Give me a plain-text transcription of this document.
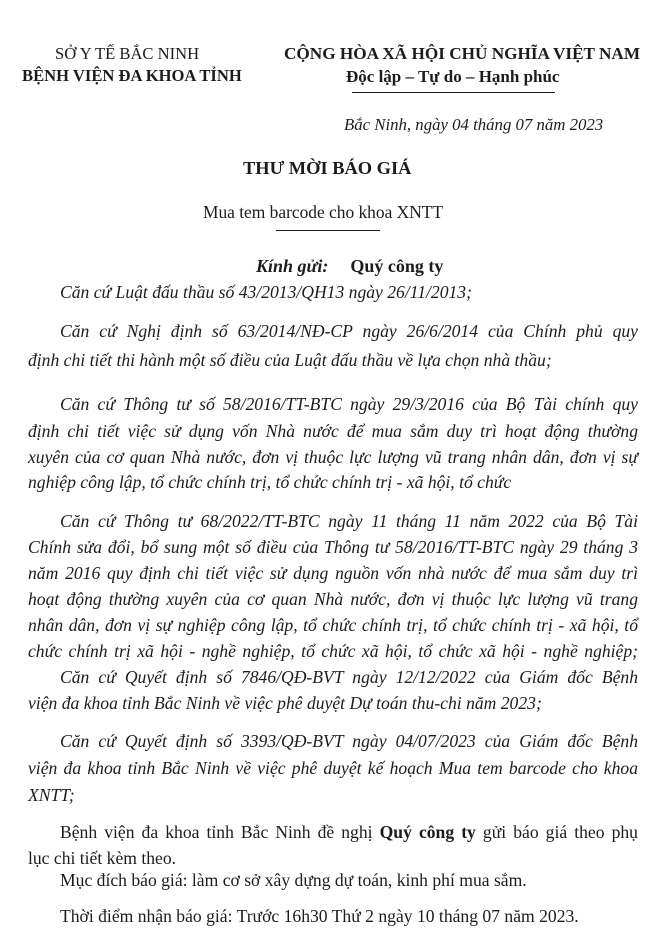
SỞ Y TẾ BẮC NINH
BỆNH VIỆN ĐA KHOA TỈNH
CỘNG HÒA XÃ HỘI CHỦ NGHĨA VIỆT NAM
Độc lập – Tự do – Hạnh phúc
Bắc Ninh, ngày 04 tháng 07 năm 2023
THƯ MỜI BÁO GIÁ
Mua tem barcode cho khoa XNTT
Kính gửi: Quý công ty
Căn cứ Luật đấu thầu số 43/2013/QH13 ngày 26/11/2013;
Căn cứ Nghị định số 63/2014/NĐ-CP ngày 26/6/2014 của Chính phủ quy
định chi tiết thi hành một số điều của Luật đấu thầu về lựa chọn nhà thầu;
Căn cứ Thông tư số 58/2016/TT-BTC ngày 29/3/2016 của Bộ Tài chính quy
định chi tiết việc sử dụng vốn Nhà nước để mua sắm duy trì hoạt động thường
xuyên của cơ quan Nhà nước, đơn vị thuộc lực lượng vũ trang nhân dân, đơn vị sự
nghiệp công lập, tổ chức chính trị, tổ chức chính trị - xã hội, tổ chức
Căn cứ Thông tư 68/2022/TT-BTC ngày 11 tháng 11 năm 2022 của Bộ Tài
Chính sửa đổi, bổ sung một số điều của Thông tư 58/2016/TT-BTC ngày 29 tháng 3
năm 2016 quy định chi tiết việc sử dụng nguồn vốn nhà nước để mua sắm duy trì
hoạt động thường xuyên của cơ quan Nhà nước, đơn vị thuộc lực lượng vũ trang
nhân dân, đơn vị sự nghiệp công lập, tổ chức chính trị, tổ chức chính trị - xã hội, tổ
chức chính trị xã hội - nghề nghiệp, tổ chức xã hội, tổ chức xã hội - nghề nghiệp;
Căn cứ Quyết định số 7846/QĐ-BVT ngày 12/12/2022 của Giám đốc Bệnh
viện đa khoa tỉnh Bắc Ninh về việc phê duyệt Dự toán thu-chi năm 2023;
Căn cứ Quyết định số 3393/QĐ-BVT ngày 04/07/2023 của Giám đốc Bệnh
viện đa khoa tỉnh Bắc Ninh về việc phê duyệt kế hoạch Mua tem barcode cho khoa
XNTT;
Bệnh viện đa khoa tỉnh Bắc Ninh đề nghị Quý công ty gửi báo giá theo phụ
lục chi tiết kèm theo.
Mục đích báo giá: làm cơ sở xây dựng dự toán, kinh phí mua sắm.
Thời điểm nhận báo giá: Trước 16h30 Thứ 2 ngày 10 tháng 07 năm 2023.
